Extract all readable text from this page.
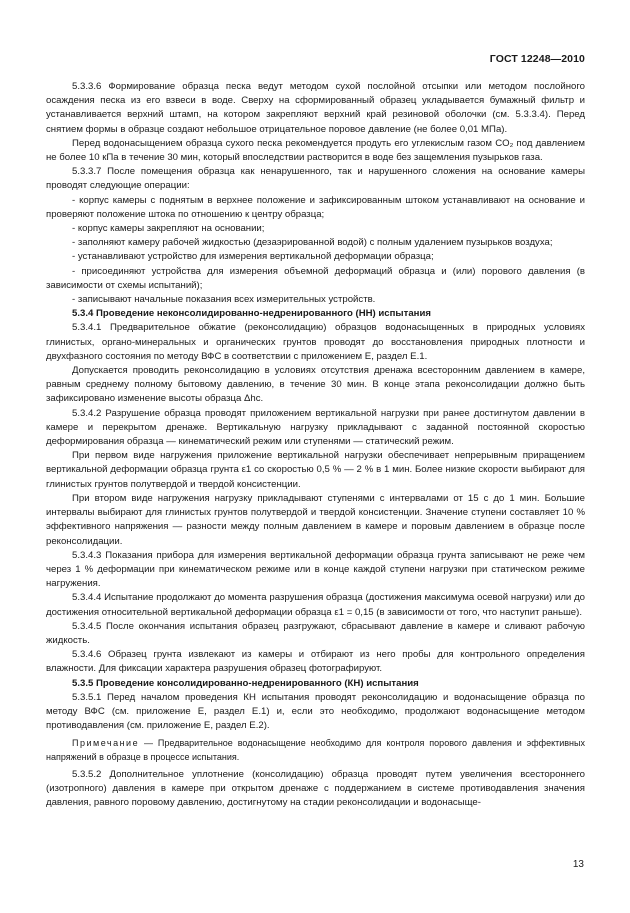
ГОСТ 12248—2010

5.3.3.6 Формирование образца песка ведут методом сухой послойной отсыпки или методом послойного осаждения песка из его взвеси в воде. Сверху на сформированный образец укладывается бумажный фильтр и устанавливается верхний штамп, на котором закрепляют верхний край резиновой оболочки (см. 5.3.3.4). Перед снятием формы в образце создают небольшое отрицательное поровое давление (не более 0,01 МПа).

Перед водонасыщением образца сухого песка рекомендуется продуть его углекислым газом CO₂ под давлением не более 10 кПа в течение 30 мин, который впоследствии растворится в воде без защемления пузырьков газа.

5.3.3.7 После помещения образца как ненарушенного, так и нарушенного сложения на основание камеры проводят следующие операции:

- корпус камеры с поднятым в верхнее положение и зафиксированным штоком устанавливают на основание и проверяют положение штока по отношению к центру образца;

- корпус камеры закрепляют на основании;

- заполняют камеру рабочей жидкостью (дезаэрированной водой) с полным удалением пузырьков воздуха;

- устанавливают устройство для измерения вертикальной деформации образца;

- присоединяют устройства для измерения объемной деформаций образца и (или) порового давления (в зависимости от схемы испытаний);

- записывают начальные показания всех измерительных устройств.

5.3.4 Проведение неконсолидированно-недренированного (НН) испытания

5.3.4.1 Предварительное обжатие (реконсолидацию) образцов водонасыщенных в природных условиях глинистых, органо-минеральных и органических грунтов проводят до восстановления природных плотности и двухфазного состояния по методу ВФС в соответствии с приложением Е, раздел Е.1.

Допускается проводить реконсолидацию в условиях отсутствия дренажа всесторонним давлением в камере, равным среднему полному бытовому давлению, в течение 30 мин. В конце этапа реконсолидации должно быть зафиксировано изменение высоты образца Δhc.

5.3.4.2 Разрушение образца проводят приложением вертикальной нагрузки при ранее достигнутом давлении в камере и перекрытом дренаже. Вертикальную нагрузку прикладывают с заданной постоянной скоростью деформирования образца — кинематический режим или ступенями — статический режим.

При первом виде нагружения приложение вертикальной нагрузки обеспечивает непрерывным приращением вертикальной деформации образца грунта ε1 со скоростью 0,5 % — 2 % в 1 мин. Более низкие скорости выбирают для глинистых грунтов полутвердой и твердой консистенции.

При втором виде нагружения нагрузку прикладывают ступенями с интервалами от 15 с до 1 мин. Большие интервалы выбирают для глинистых грунтов полутвердой и твердой консистенции. Значение ступени составляет 10 % эффективного напряжения — разности между полным давлением в камере и поровым давлением в образце после реконсолидации.

5.3.4.3 Показания прибора для измерения вертикальной деформации образца грунта записывают не реже чем через 1 % деформации при кинематическом режиме или в конце каждой ступени нагрузки при статическом режиме нагружения.

5.3.4.4 Испытание продолжают до момента разрушения образца (достижения максимума осевой нагрузки) или до достижения относительной вертикальной деформации образца ε1 = 0,15 (в зависимости от того, что наступит раньше).

5.3.4.5 После окончания испытания образец разгружают, сбрасывают давление в камере и сливают рабочую жидкость.

5.3.4.6 Образец грунта извлекают из камеры и отбирают из него пробы для контрольного определения влажности. Для фиксации характера разрушения образец фотографируют.

5.3.5 Проведение консолидированно-недренированного (КН) испытания

5.3.5.1 Перед началом проведения КН испытания проводят реконсолидацию и водонасыщение образца по методу ВФС (см. приложение Е, раздел Е.1) и, если это необходимо, продолжают водонасыщение методом противодавления (см. приложение Е, раздел Е.2).

Примечание — Предварительное водонасыщение необходимо для контроля порового давления и эффективных напряжений в образце в процессе испытания.

5.3.5.2 Дополнительное уплотнение (консолидацию) образца проводят путем увеличения всестороннего (изотропного) давления в камере при открытом дренаже с поддержанием в системе противодавления значения давления, равного поровому давлению, достигнутому на стадии реконсолидации и водонасыще-

13
